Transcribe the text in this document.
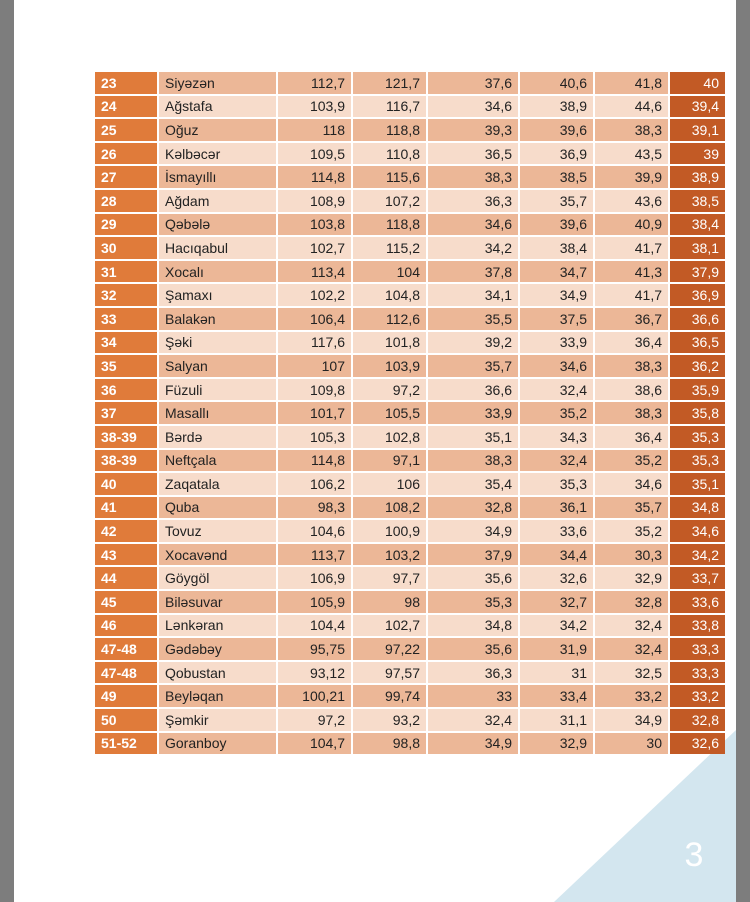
23	Siyəzən	112,7	121,7	37,6	40,6	41,8	40
24	Ağstafa	103,9	116,7	34,6	38,9	44,6	39,4
25	Oğuz	118	118,8	39,3	39,6	38,3	39,1
26	Kəlbəcər	109,5	110,8	36,5	36,9	43,5	39
27	İsmayıllı	114,8	115,6	38,3	38,5	39,9	38,9
28	Ağdam	108,9	107,2	36,3	35,7	43,6	38,5
29	Qəbələ	103,8	118,8	34,6	39,6	40,9	38,4
30	Hacıqabul	102,7	115,2	34,2	38,4	41,7	38,1
31	Xocalı	113,4	104	37,8	34,7	41,3	37,9
32	Şamaxı	102,2	104,8	34,1	34,9	41,7	36,9
33	Balakən	106,4	112,6	35,5	37,5	36,7	36,6
34	Şəki	117,6	101,8	39,2	33,9	36,4	36,5
35	Salyan	107	103,9	35,7	34,6	38,3	36,2
36	Füzuli	109,8	97,2	36,6	32,4	38,6	35,9
37	Masallı	101,7	105,5	33,9	35,2	38,3	35,8
38-39	Bərdə	105,3	102,8	35,1	34,3	36,4	35,3
38-39	Neftçala	114,8	97,1	38,3	32,4	35,2	35,3
40	Zaqatala	106,2	106	35,4	35,3	34,6	35,1
41	Quba	98,3	108,2	32,8	36,1	35,7	34,8
42	Tovuz	104,6	100,9	34,9	33,6	35,2	34,6
43	Xocavənd	113,7	103,2	37,9	34,4	30,3	34,2
44	Göygöl	106,9	97,7	35,6	32,6	32,9	33,7
45	Biləsuvar	105,9	98	35,3	32,7	32,8	33,6
46	Lənkəran	104,4	102,7	34,8	34,2	32,4	33,8
47-48	Gədəbəy	95,75	97,22	35,6	31,9	32,4	33,3
47-48	Qobustan	93,12	97,57	36,3	31	32,5	33,3
49	Beyləqan	100,21	99,74	33	33,4	33,2	33,2
50	Şəmkir	97,2	93,2	32,4	31,1	34,9	32,8
51-52	Goranboy	104,7	98,8	34,9	32,9	30	32,6
3
